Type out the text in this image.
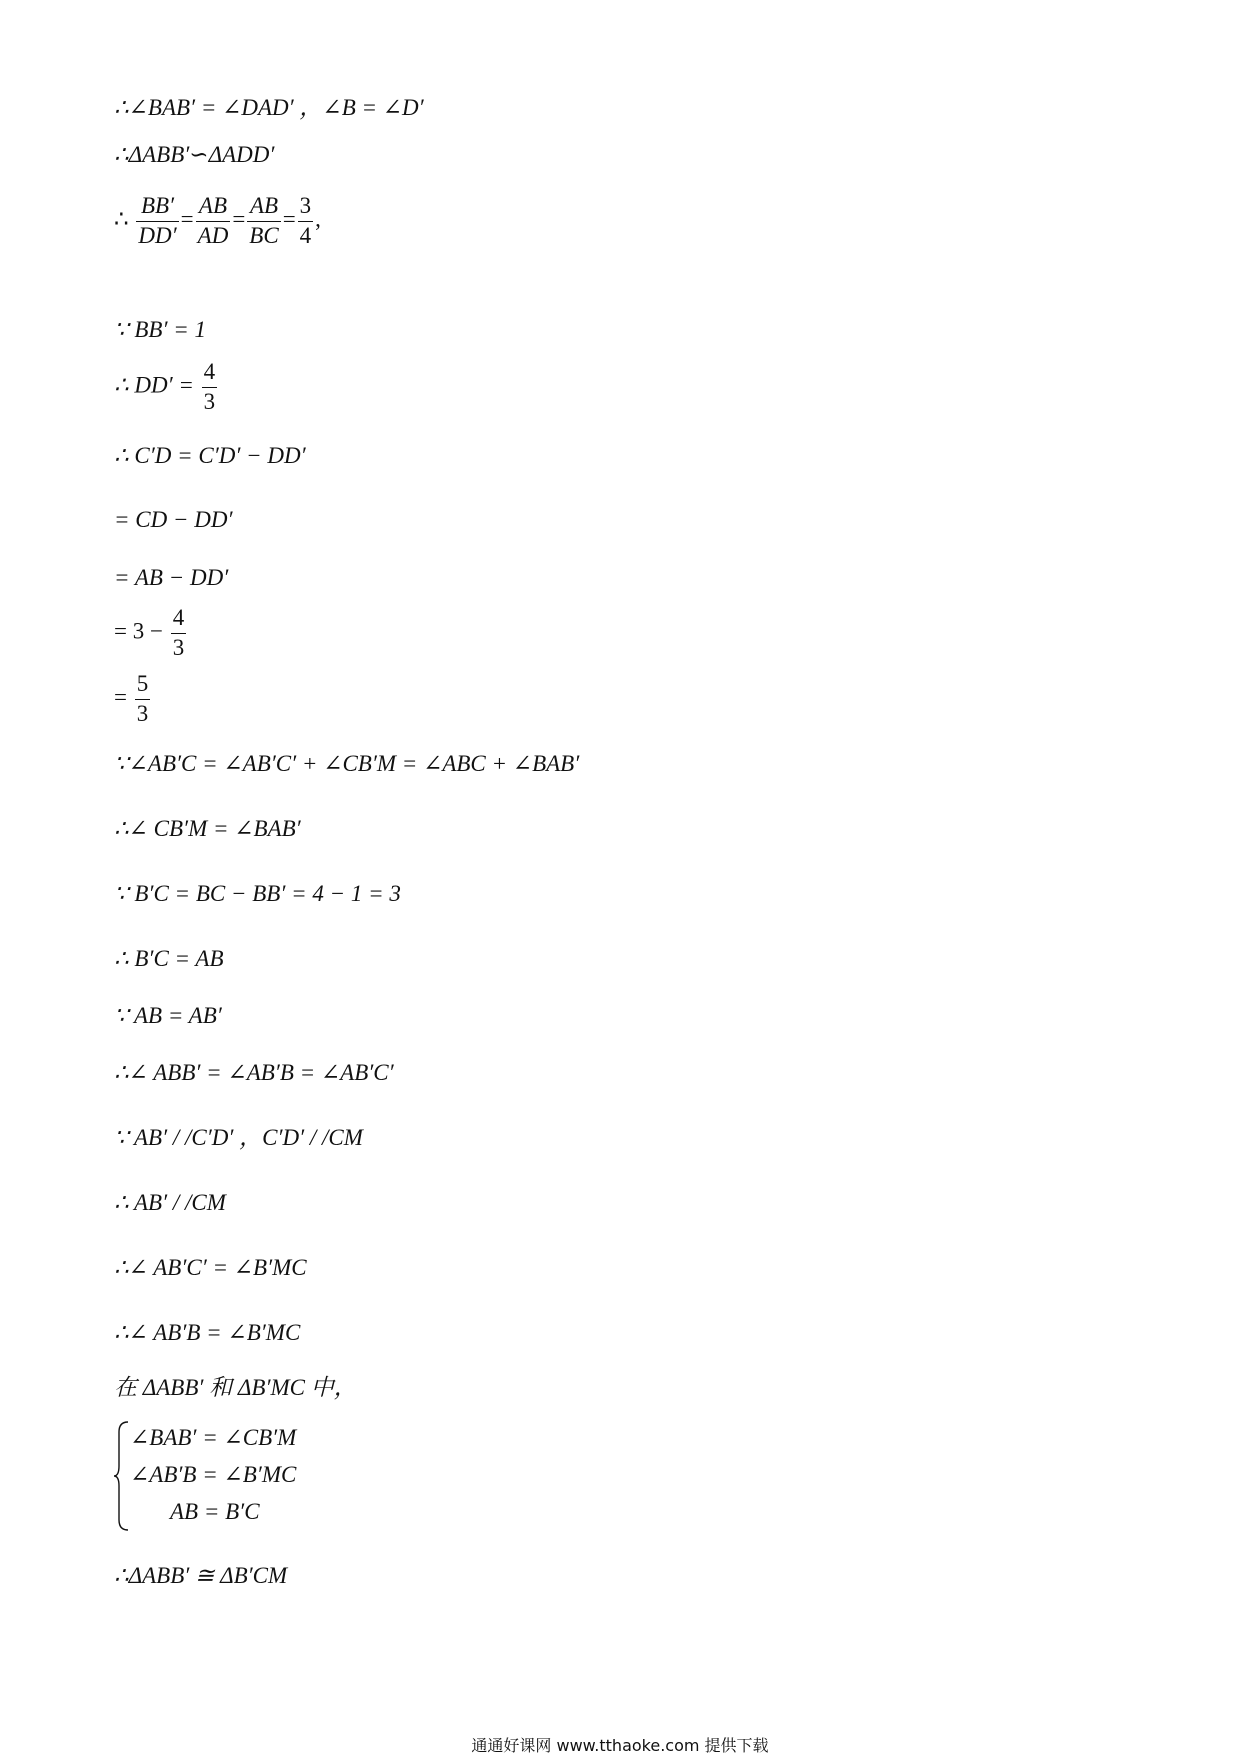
∴∠BAB′ = ∠DAD′ ，∠B = ∠D′
∴ΔABB′∽ΔADD′
∴ $\frac{BB'}{DD'} = \frac{AB}{AD} = \frac{AB}{BC} = \frac{3}{4}$ ,
∵ BB′ = 1
∴ $DD' = \frac{4}{3}$
∴ C′D = C′D′ − DD′
= CD − DD′
= AB − DD′
= $3 - \frac{4}{3}$
= $\frac{5}{3}$
∵∠AB′C = ∠AB′C′ + ∠CB′M = ∠ABC + ∠BAB′
∴∠ CB′M = ∠BAB′
∵ B′C = BC − BB′ = 4 − 1 = 3
∴ B′C = AB
∵ AB = AB′
∴∠ ABB′ = ∠AB′B = ∠AB′C′
∵ AB′ / /C′D′ ，C′D′ / /CM
∴ AB′ / /CM
∴∠ AB′C′ = ∠B′MC
∴∠ AB′B = ∠B′MC
在 ΔABB′ 和 ΔB′MC 中，
∠BAB′ = ∠CB′M
∠AB′B = ∠B′MC
AB = B′C
∴ΔABB′ ≅ ΔB′CM
通通好课网 www.tthaoke.com 提供下载
